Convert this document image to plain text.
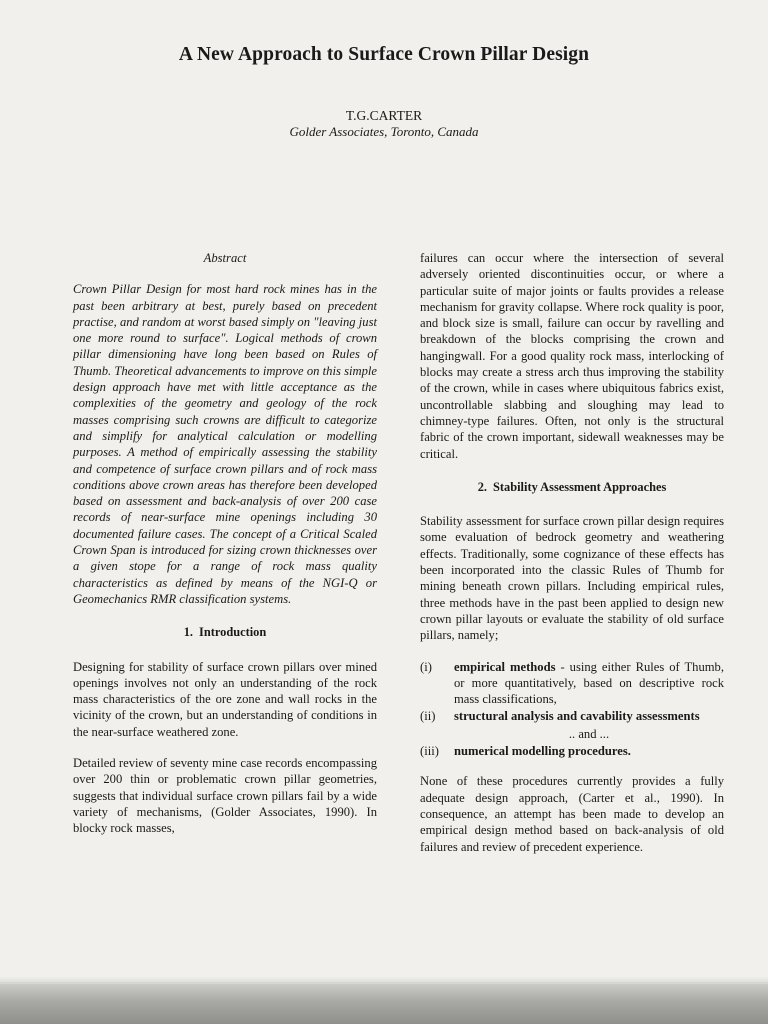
A New Approach to Surface Crown Pillar Design
T.G.CARTER
Golder Associates, Toronto, Canada
Abstract

Crown Pillar Design for most hard rock mines has in the past been arbitrary at best, purely based on precedent practise, and random at worst based simply on "leaving just one more round to surface". Logical methods of crown pillar dimensioning have long been based on Rules of Thumb. Theoretical advancements to improve on this simple design approach have met with little acceptance as the complexities of the geometry and geology of the rock masses comprising such crowns are difficult to categorize and simplify for analytical calculation or modelling purposes. A method of empirically assessing the stability and competence of surface crown pillars and of rock mass conditions above crown areas has therefore been developed based on assessment and back-analysis of over 200 case records of near-surface mine openings including 30 documented failure cases. The concept of a Critical Scaled Crown Span is introduced for sizing crown thicknesses over a given stope for a range of rock mass quality characteristics as defined by means of the NGI-Q or Geomechanics RMR classification systems.

1. Introduction

Designing for stability of surface crown pillars over mined openings involves not only an understanding of the rock mass characteristics of the ore zone and wall rocks in the vicinity of the crown, but an understanding of conditions in the near-surface weathered zone.

Detailed review of seventy mine case records encompassing over 200 thin or problematic crown pillar geometries, suggests that individual surface crown pillars fail by a wide variety of mechanisms, (Golder Associates, 1990). In blocky rock masses,

failures can occur where the intersection of several adversely oriented discontinuities occur, or where a particular suite of major joints or faults provides a release mechanism for gravity collapse. Where rock quality is poor, and block size is small, failure can occur by ravelling and breakdown of the blocks comprising the crown and hangingwall. For a good quality rock mass, interlocking of blocks may create a stress arch thus improving the stability of the crown, while in cases where ubiquitous fabrics exist, uncontrollable slabbing and sloughing may lead to chimney-type failures. Often, not only is the structural fabric of the crown important, sidewall weaknesses may be critical.

2. Stability Assessment Approaches

Stability assessment for surface crown pillar design requires some evaluation of bedrock geometry and weathering effects. Traditionally, some cognizance of these effects has been incorporated into the classic Rules of Thumb for mining beneath crown pillars. Including empirical rules, three methods have in the past been applied to design new crown pillar layouts or evaluate the stability of old surface pillars, namely;

(i)	empirical methods - using either Rules of Thumb, or more quantitatively, based on descriptive rock mass classifications,
(ii)	structural analysis and cavability assessments
.. and ...
(iii)	numerical modelling procedures.

None of these procedures currently provides a fully adequate design approach, (Carter et al., 1990). In consequence, an attempt has been made to develop an empirical design method based on back-analysis of old failures and review of precedent experience.
